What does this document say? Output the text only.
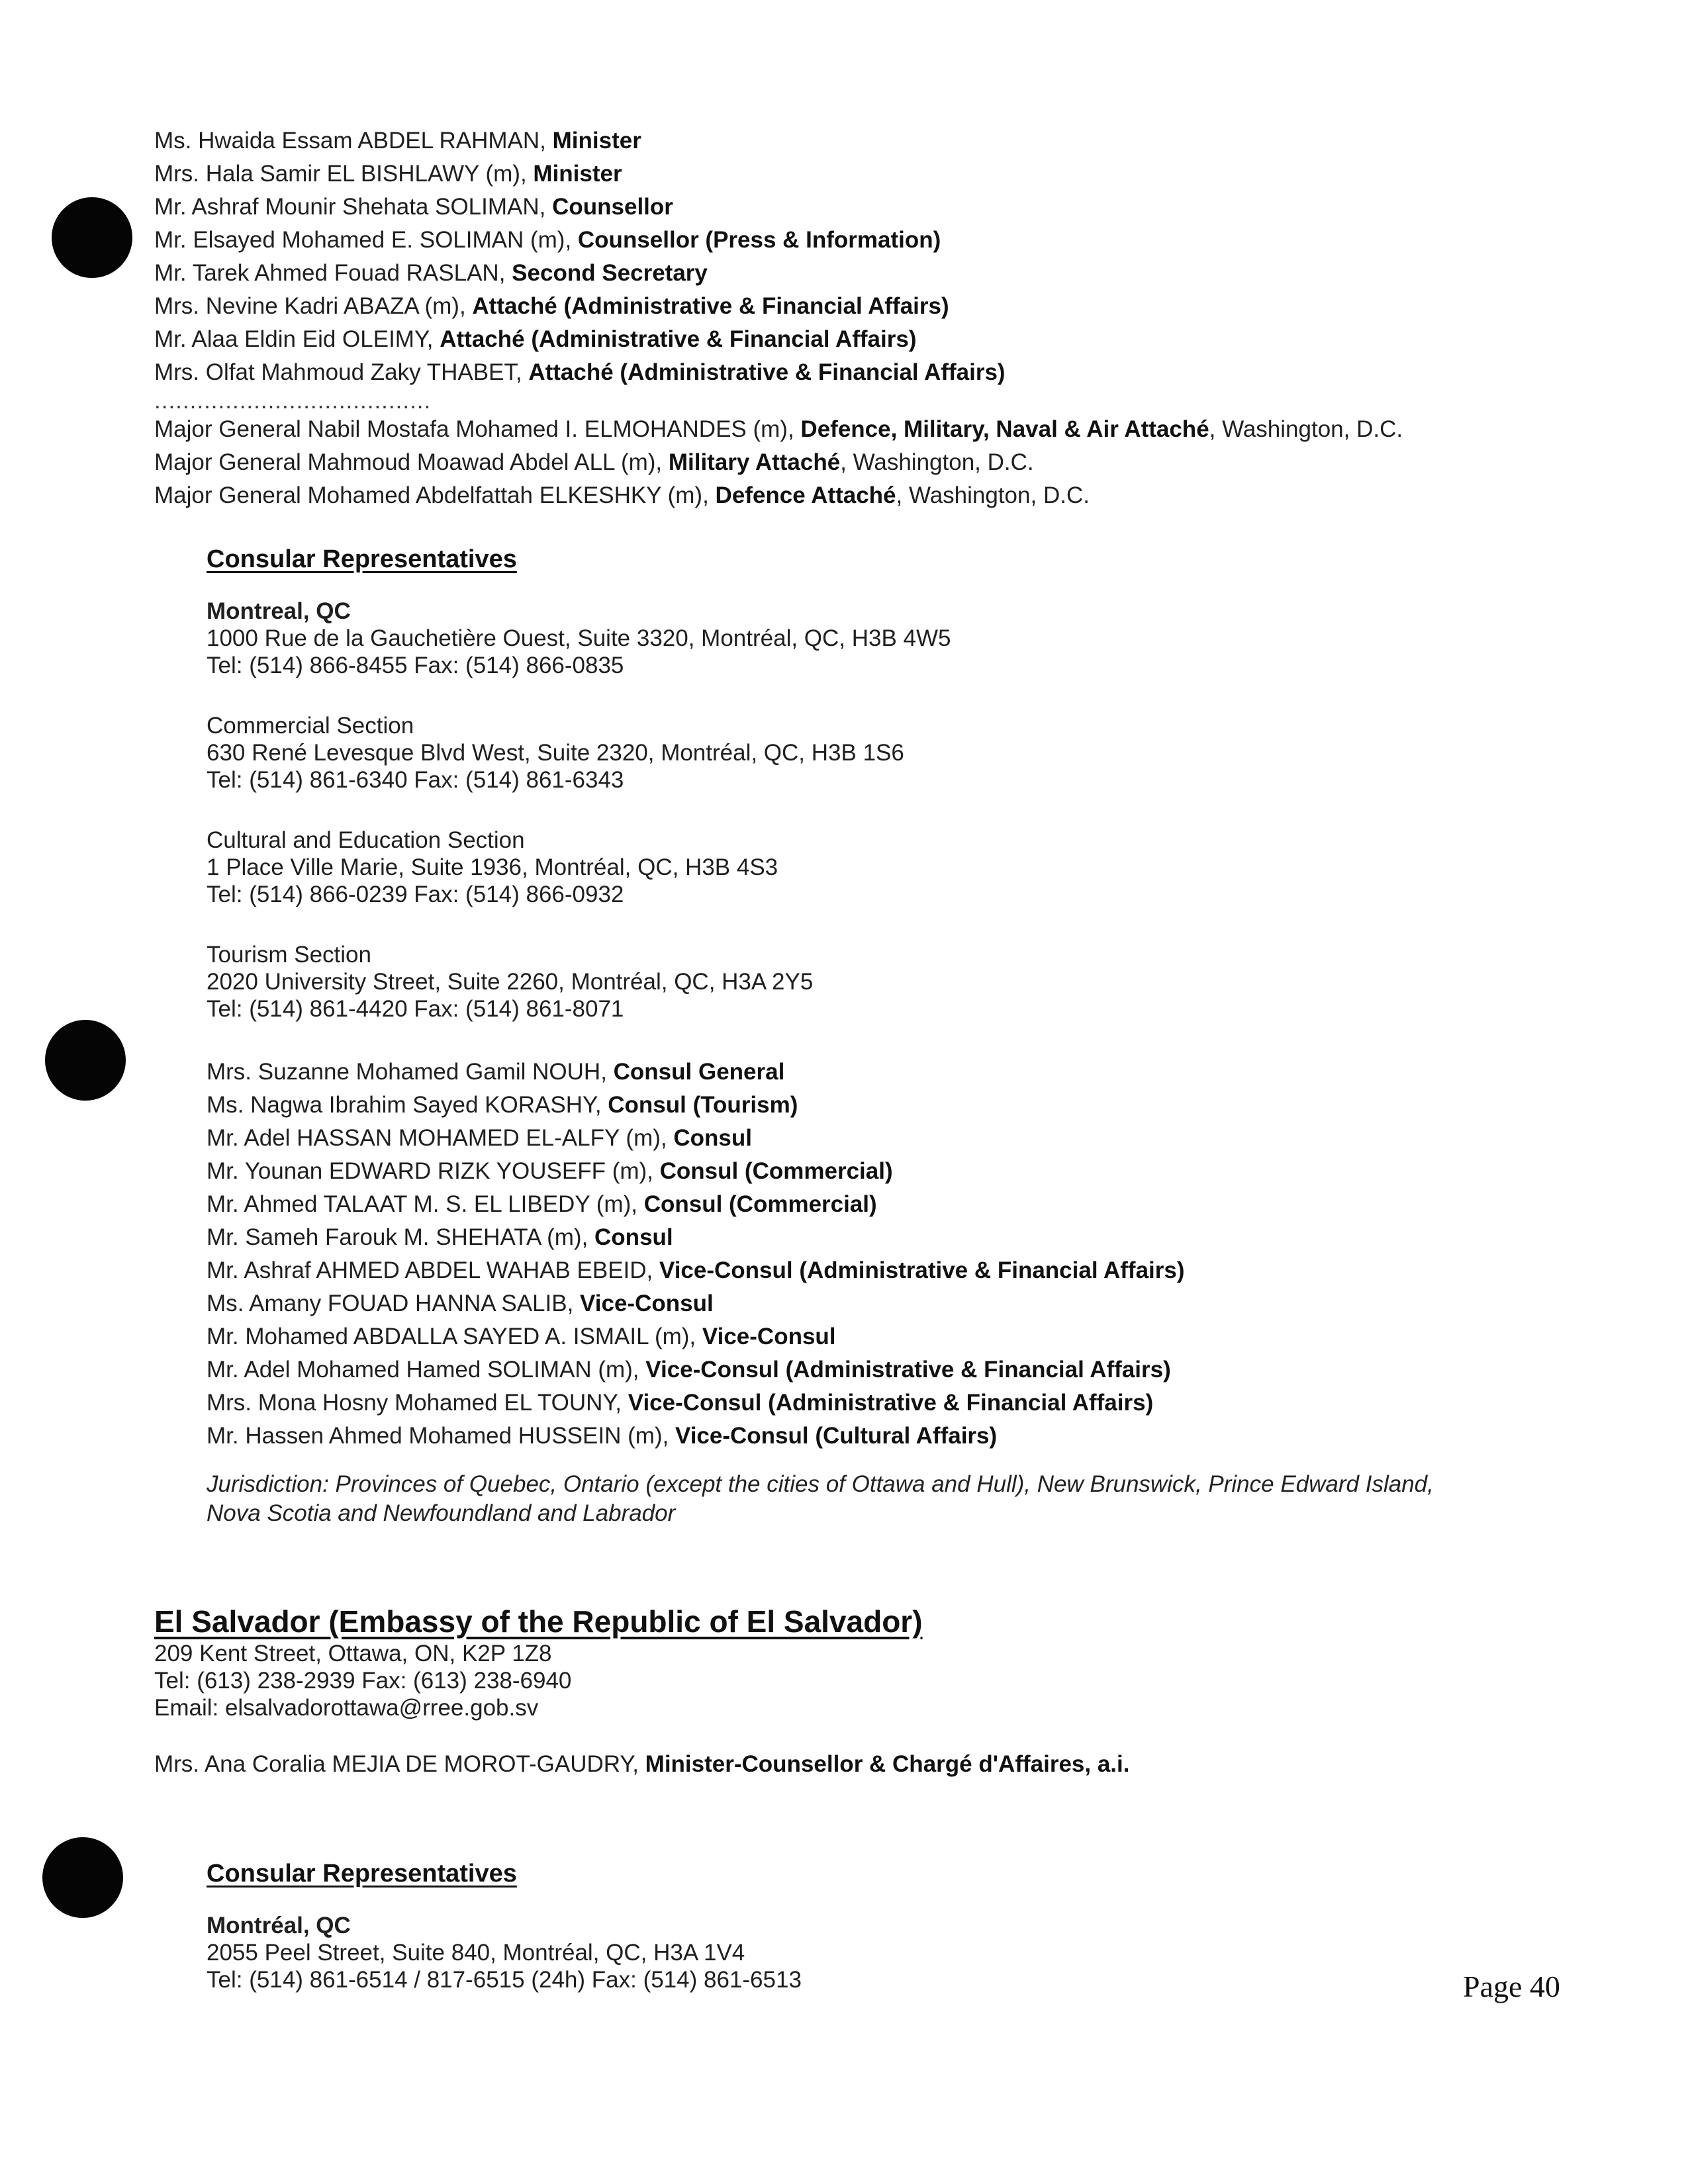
Ms. Hwaida Essam ABDEL RAHMAN, Minister
Mrs. Hala Samir EL BISHLAWY (m), Minister
Mr. Ashraf Mounir Shehata SOLIMAN, Counsellor
Mr. Elsayed Mohamed E. SOLIMAN (m), Counsellor (Press & Information)
Mr. Tarek Ahmed Fouad RASLAN, Second Secretary
Mrs. Nevine Kadri ABAZA (m), Attaché (Administrative & Financial Affairs)
Mr. Alaa Eldin Eid OLEIMY, Attaché (Administrative & Financial Affairs)
Mrs. Olfat Mahmoud Zaky THABET, Attaché (Administrative & Financial Affairs)
.......................................
Major General Nabil Mostafa Mohamed I. ELMOHANDES (m), Defence, Military, Naval & Air Attaché, Washington, D.C.
Major General Mahmoud Moawad Abdel ALL (m), Military Attaché, Washington, D.C.
Major General Mohamed Abdelfattah ELKESHKY (m), Defence Attaché, Washington, D.C.
Consular Representatives
Montreal, QC
1000 Rue de la Gauchetière Ouest, Suite 3320, Montréal, QC, H3B 4W5
Tel: (514) 866-8455 Fax: (514) 866-0835
Commercial Section
630 René Levesque Blvd West, Suite 2320, Montréal, QC, H3B 1S6
Tel: (514) 861-6340 Fax: (514) 861-6343
Cultural and Education Section
1 Place Ville Marie, Suite 1936, Montréal, QC, H3B 4S3
Tel: (514) 866-0239 Fax: (514) 866-0932
Tourism Section
2020 University Street, Suite 2260, Montréal, QC, H3A 2Y5
Tel: (514) 861-4420 Fax: (514) 861-8071
Mrs. Suzanne Mohamed Gamil NOUH, Consul General
Ms. Nagwa Ibrahim Sayed KORASHY, Consul (Tourism)
Mr. Adel HASSAN MOHAMED EL-ALFY (m), Consul
Mr. Younan EDWARD RIZK YOUSEFF (m), Consul (Commercial)
Mr. Ahmed TALAAT M. S. EL LIBEDY (m), Consul (Commercial)
Mr. Sameh Farouk M. SHEHATA (m), Consul
Mr. Ashraf AHMED ABDEL WAHAB EBEID, Vice-Consul (Administrative & Financial Affairs)
Ms. Amany FOUAD HANNA SALIB, Vice-Consul
Mr. Mohamed ABDALLA SAYED A. ISMAIL (m), Vice-Consul
Mr. Adel Mohamed Hamed SOLIMAN (m), Vice-Consul (Administrative & Financial Affairs)
Mrs. Mona Hosny Mohamed EL TOUNY, Vice-Consul (Administrative & Financial Affairs)
Mr. Hassen Ahmed Mohamed HUSSEIN (m), Vice-Consul (Cultural Affairs)
Jurisdiction: Provinces of Quebec, Ontario (except the cities of Ottawa and Hull), New Brunswick, Prince Edward Island,
Nova Scotia and Newfoundland and Labrador
El Salvador (Embassy of the Republic of El Salvador)
209 Kent Street, Ottawa, ON, K2P 1Z8
Tel: (613) 238-2939 Fax: (613) 238-6940
Email: elsalvadorottawa@rree.gob.sv
Mrs. Ana Coralia MEJIA DE MOROT-GAUDRY, Minister-Counsellor & Chargé d'Affaires, a.i.
Consular Representatives
Montréal, QC
2055 Peel Street, Suite 840, Montréal, QC, H3A 1V4
Tel: (514) 861-6514 / 817-6515 (24h) Fax: (514) 861-6513	Page 40
